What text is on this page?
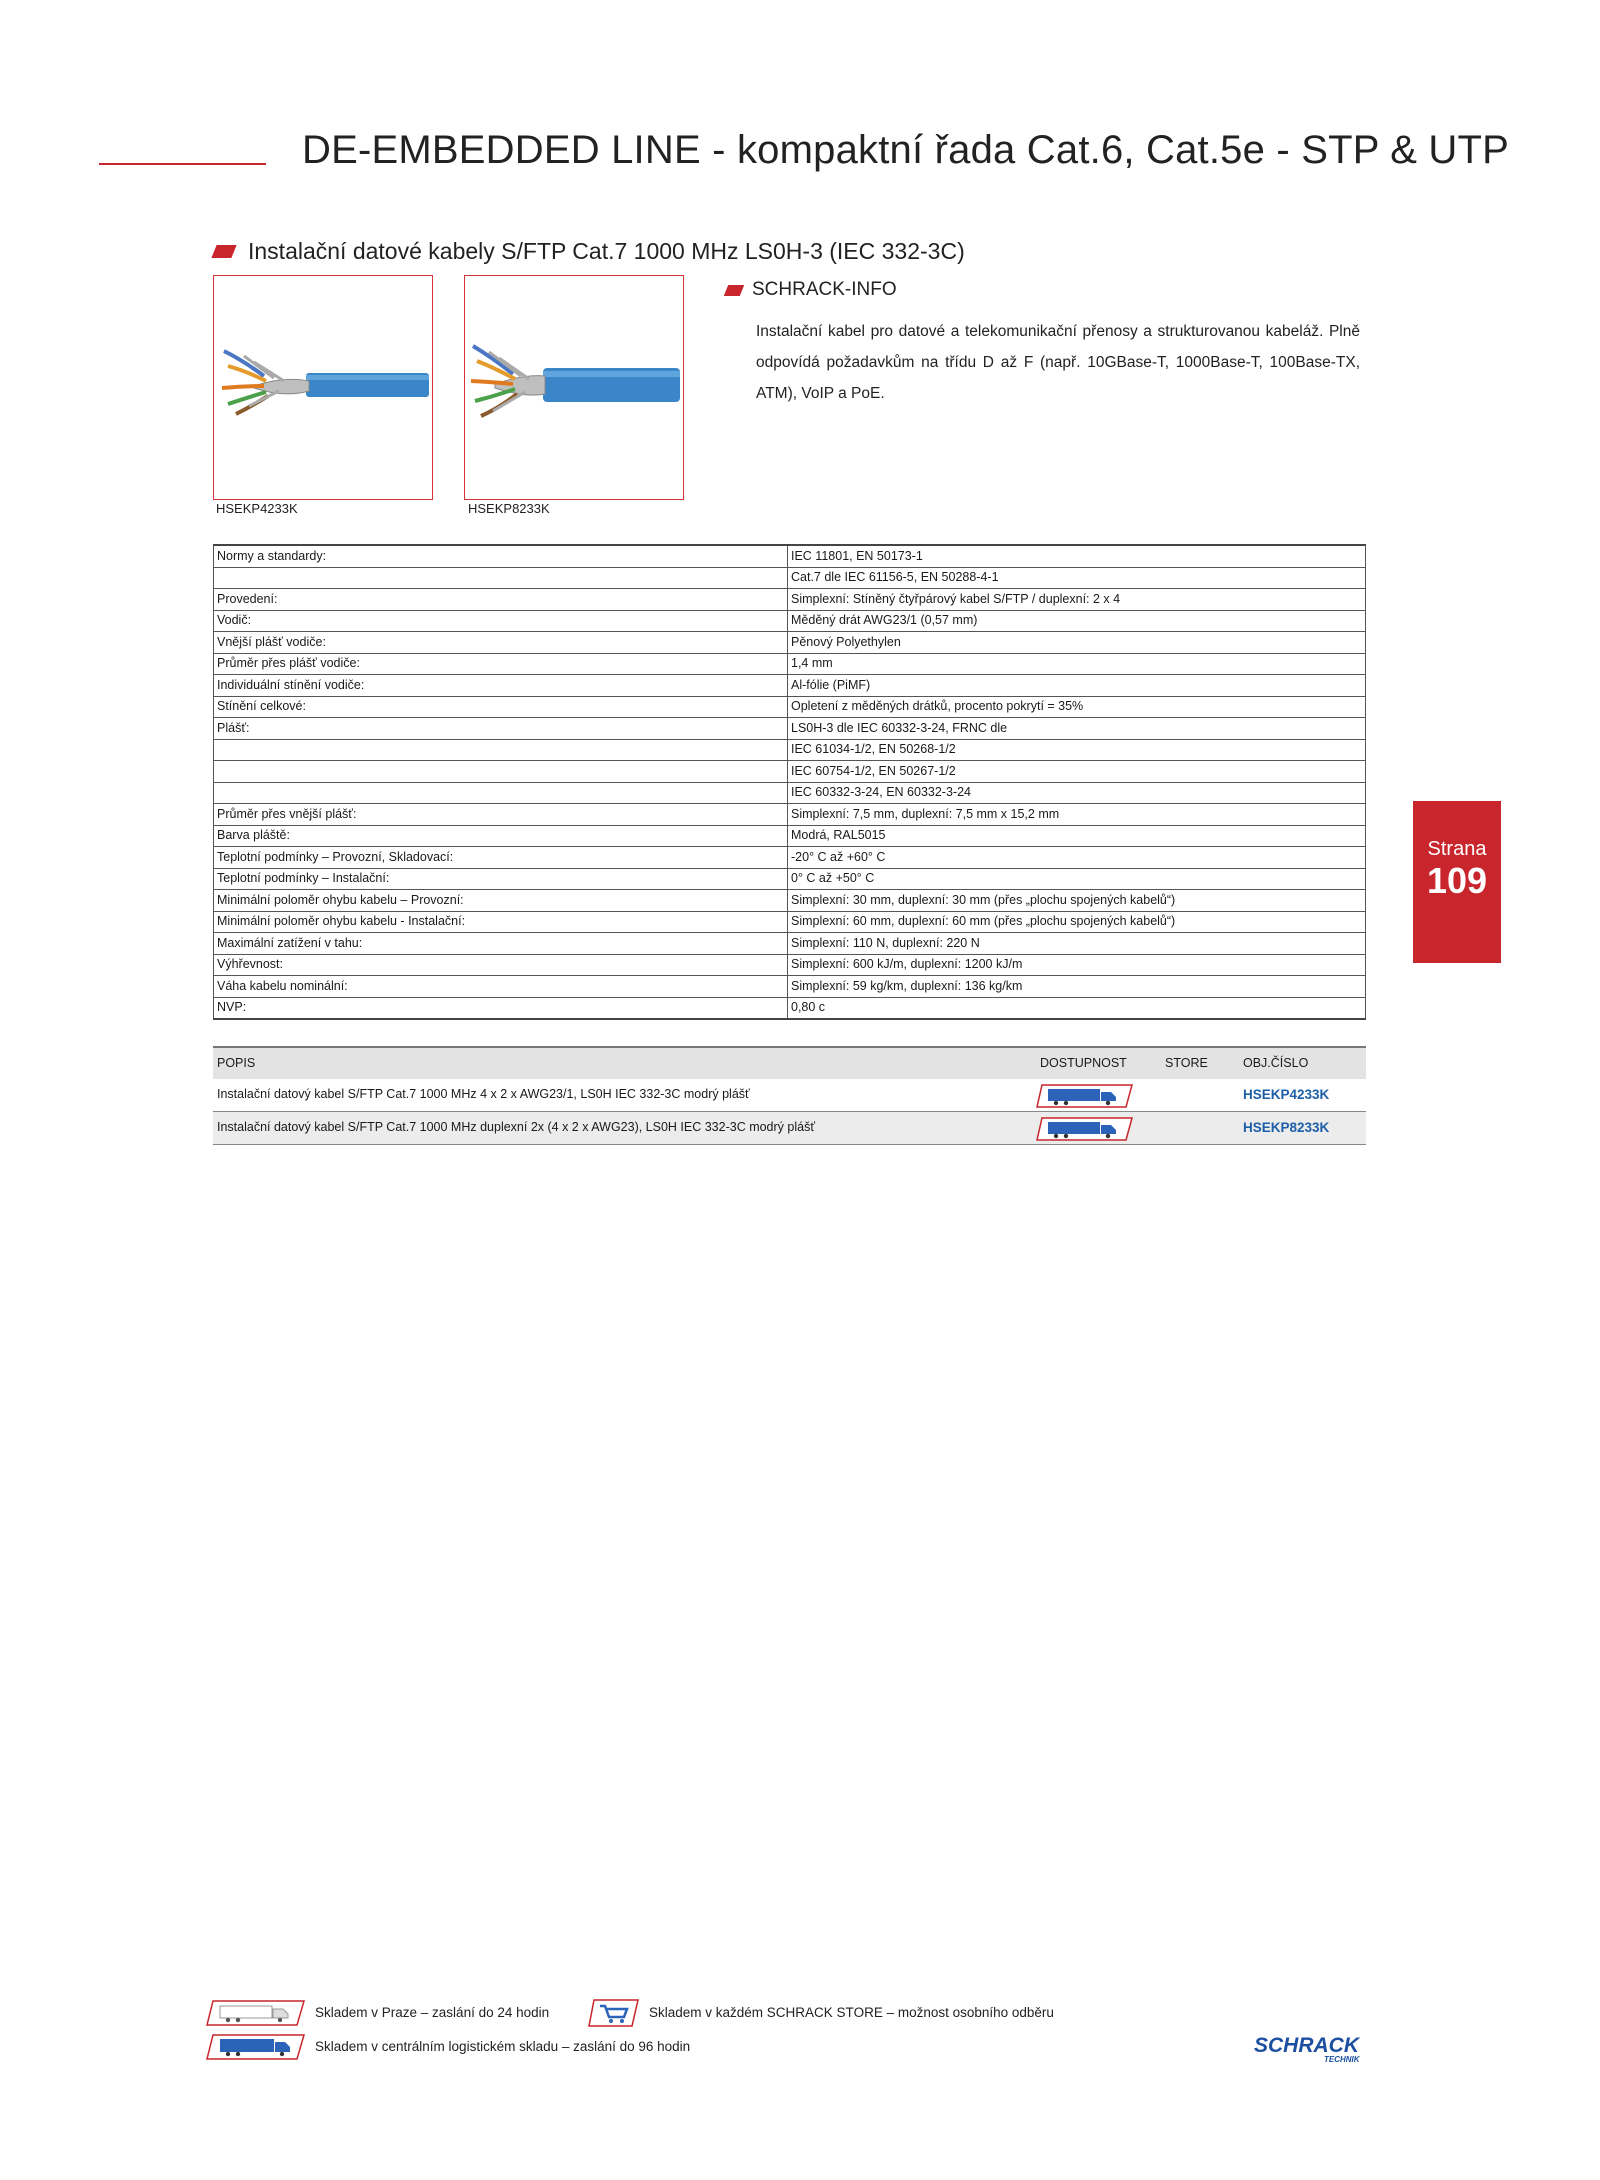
DE-EMBEDDED LINE - kompaktní řada Cat.6, Cat.5e - STP & UTP
Instalační datové kabely S/FTP Cat.7 1000 MHz LS0H-3 (IEC 332-3C)
HSEKP4233K	HSEKP8233K
SCHRACK-INFO
Instalační kabel pro datové a telekomunikační přenosy a strukturovanou kabeláž. Plně odpovídá požadavkům na třídu D až F (např. 10GBase-T, 1000Base-T, 100Base-TX, ATM), VoIP a PoE.
Normy a standardy:	IEC 11801, EN 50173-1
	Cat.7 dle IEC 61156-5, EN 50288-4-1
Provedení:	Simplexní: Stíněný čtyřpárový kabel S/FTP / duplexní: 2 x 4
Vodič:	Měděný drát AWG23/1 (0,57 mm)
Vnější plášť vodiče:	Pěnový Polyethylen
Průměr přes plášť vodiče:	1,4 mm
Individuální stínění vodiče:	Al-fólie (PiMF)
Stínění celkové:	Opletení z měděných drátků, procento pokrytí = 35%
Plášť:	LS0H-3 dle IEC 60332-3-24, FRNC dle
	IEC 61034-1/2, EN 50268-1/2
	IEC 60754-1/2, EN 50267-1/2
	IEC 60332-3-24, EN 60332-3-24
Průměr přes vnější plášť:	Simplexní: 7,5 mm, duplexní: 7,5 mm x 15,2 mm
Barva pláště:	Modrá, RAL5015
Teplotní podmínky – Provozní, Skladovací:	-20° C až +60° C
Teplotní podmínky – Instalační:	0° C až +50° C
Minimální poloměr ohybu kabelu – Provozní:	Simplexní: 30 mm, duplexní: 30 mm (přes „plochu spojených kabelů“)
Minimální poloměr ohybu kabelu - Instalační:	Simplexní: 60 mm, duplexní: 60 mm (přes „plochu spojených kabelů“)
Maximální zatížení v tahu:	Simplexní: 110 N, duplexní: 220 N
Výhřevnost:	Simplexní: 600 kJ/m, duplexní: 1200 kJ/m
Váha kabelu nominální:	Simplexní: 59 kg/km, duplexní: 136 kg/km
NVP:	0,80 c
POPIS	DOSTUPNOST	STORE	OBJ.ČÍSLO
Instalační datový kabel S/FTP Cat.7 1000 MHz 4 x 2 x AWG23/1, LS0H IEC 332-3C modrý plášť	HSEKP4233K
Instalační datový kabel S/FTP Cat.7 1000 MHz duplexní 2x (4 x 2 x AWG23), LS0H IEC 332-3C modrý plášť	HSEKP8233K
Strana
109
Skladem v Praze – zaslání do 24 hodin	Skladem v každém SCHRACK STORE – možnost osobního odběru
Skladem v centrálním logistickém skladu – zaslání do 96 hodin	SCHRACK
TECHNIK
